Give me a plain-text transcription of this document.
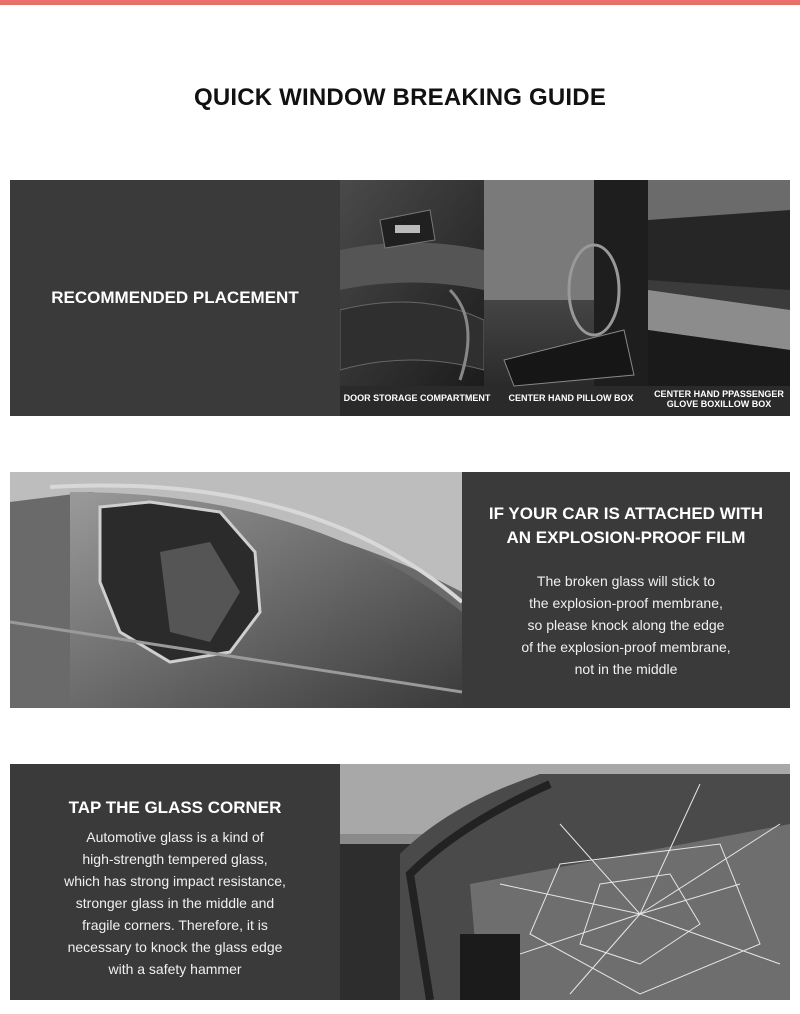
QUICK WINDOW BREAKING GUIDE
RECOMMENDED PLACEMENT
DOOR STORAGE COMPARTMENT	CENTER HAND PILLOW BOX	CENTER HAND PPASSENGER
GLOVE BOXILLOW BOX
IF YOUR CAR IS ATTACHED WITH
AN EXPLOSION-PROOF FILM

The broken glass will stick to
the explosion-proof membrane,
so please knock along the edge
of the explosion-proof membrane,
not in the middle

TAP THE GLASS CORNER

Automotive glass is a kind of
high-strength tempered glass,
which has strong impact resistance,
stronger glass in the middle and
fragile corners. Therefore, it is
necessary to knock the glass edge
with a safety hammer
